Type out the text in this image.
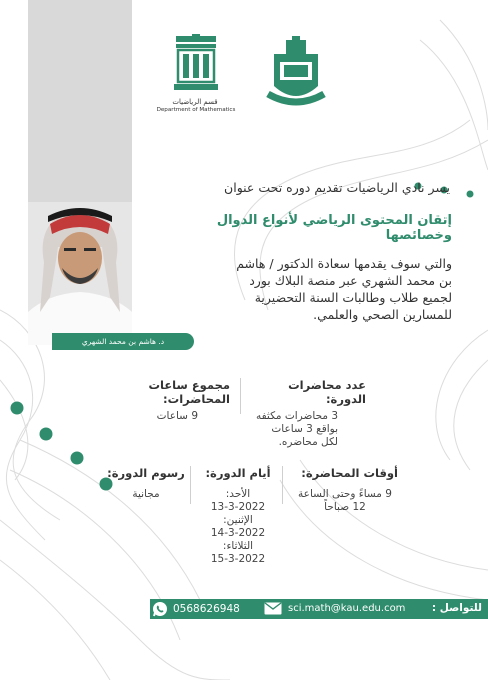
قسم الرياضيات
Department of Mathematics
يسر نادي الرياضيات تقديم دوره تحت عنوان
إتقان المحتوى الرياضي لأنواع الدوال وخصائصها
والتي سوف يقدمها سعادة الدكتور / هاشم بن محمد الشهري عبر منصة البلاك بورد لجميع طلاب وطالبات السنة التحضيرية للمسارين الصحي والعلمي.
د. هاشم بن محمد الشهري
عدد محاضرات الدورة:
3 محاضرات مكثفه بواقع 3 ساعات لكل محاضره.
مجموع ساعات المحاضرات:
9 ساعات
أوقات المحاضرة:
9 مساءً وحتى الساعة 12 صباحاً
أيام الدورة:
الأحد:
13-3-2022
الإثنين:
14-3-2022
الثلاثاء:
15-3-2022
رسوم الدورة:
مجانية
للتواصل :
sci.math@kau.edu.com
0568626948
